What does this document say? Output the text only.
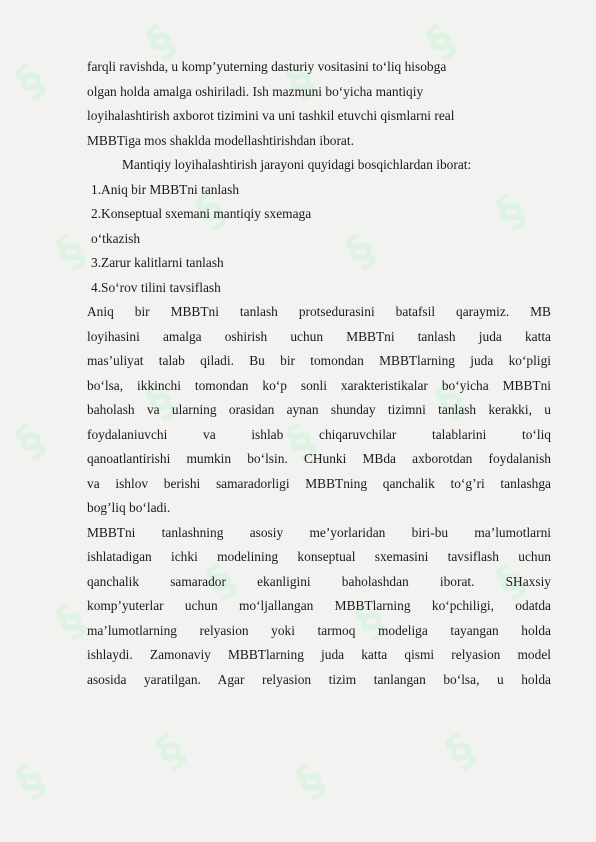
§
§
§
§
§
§
§
§
§
§
§
§
§
§
§
§
§
§
§
§
farqli ravishda, u komp’yuterning dasturiy vositasini to‘liq hisobga
olgan holda amalga oshiriladi. Ish mazmuni bo‘yicha mantiqiy
loyihalashtirish axborot tizimini va uni tashkil etuvchi qismlarni real
MBBTiga mos shaklda modellashtirishdan iborat.
Mantiqiy loyihalashtirish jarayoni quyidagi bosqichlardan iborat:
1.Aniq bir MBBTni tanlash
2.Konseptual sxemani mantiqiy sxemaga
o‘tkazish
3.Zarur kalitlarni tanlash
4.So‘rov tilini tavsiflash
Aniq bir MBBTni tanlash protsedurasini batafsil qaraymiz. MB
loyihasini amalga oshirish uchun MBBTni tanlash juda katta
mas’uliyat talab qiladi. Bu bir tomondan MBBTlarning juda ko‘pligi
bo‘lsa, ikkinchi tomondan ko‘p sonli xarakteristikalar bo‘yicha MBBTni
baholash va ularning orasidan aynan shunday tizimni tanlash kerakki, u
foydalaniuvchi va ishlab chiqaruvchilar talablarini to‘liq
qanoatlantirishi mumkin bo‘lsin. CHunki MBda axborotdan foydalanish
va ishlov berishi samaradorligi MBBTning qanchalik to‘g’ri tanlashga
bog’liq bo‘ladi.
MBBTni tanlashning asosiy me’yorlaridan biri-bu ma’lumotlarni
ishlatadigan ichki modelining konseptual sxemasini tavsiflash uchun
qanchalik samarador ekanligini baholashdan iborat. SHaxsiy
komp’yuterlar uchun mo‘ljallangan MBBTlarning ko‘pchiligi, odatda
ma’lumotlarning relyasion yoki tarmoq modeliga tayangan holda
ishlaydi. Zamonaviy MBBTlarning juda katta qismi relyasion model
asosida yaratilgan. Agar relyasion tizim tanlangan bo‘lsa, u holda
